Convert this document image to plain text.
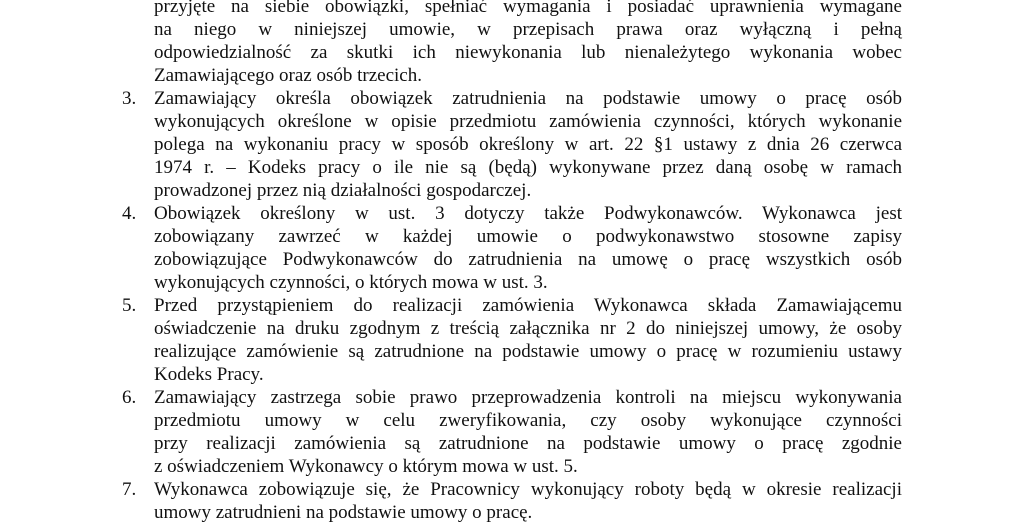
przyjęte na siebie obowiązki, spełniać wymagania i posiadać uprawnienia wymagane
na niego w niniejszej umowie, w przepisach prawa oraz wyłączną i pełną
odpowiedzialność za skutki ich niewykonania lub nienależytego wykonania wobec
Zamawiającego oraz osób trzecich.
3. Zamawiający określa obowiązek zatrudnienia na podstawie umowy o pracę osób
wykonujących określone w opisie przedmiotu zamówienia czynności, których wykonanie
polega na wykonaniu pracy w sposób określony w art. 22 §1 ustawy z dnia 26 czerwca
1974 r. – Kodeks pracy o ile nie są (będą) wykonywane przez daną osobę w ramach
prowadzonej przez nią działalności gospodarczej.
4. Obowiązek określony w ust. 3 dotyczy także Podwykonawców. Wykonawca jest
zobowiązany zawrzeć w każdej umowie o podwykonawstwo stosowne zapisy
zobowiązujące Podwykonawców do zatrudnienia na umowę o pracę wszystkich osób
wykonujących czynności, o których mowa w ust. 3.
5. Przed przystąpieniem do realizacji zamówienia Wykonawca składa Zamawiającemu
oświadczenie na druku zgodnym z treścią załącznika nr 2 do niniejszej umowy, że osoby
realizujące zamówienie są zatrudnione na podstawie umowy o pracę w rozumieniu ustawy
Kodeks Pracy.
6. Zamawiający zastrzega sobie prawo przeprowadzenia kontroli na miejscu wykonywania
przedmiotu umowy w celu zweryfikowania, czy osoby wykonujące czynności
przy realizacji zamówienia są zatrudnione na podstawie umowy o pracę zgodnie
z oświadczeniem Wykonawcy o którym mowa w ust. 5.
7. Wykonawca zobowiązuje się, że Pracownicy wykonujący roboty będą w okresie realizacji
umowy zatrudnieni na podstawie umowy o pracę.
